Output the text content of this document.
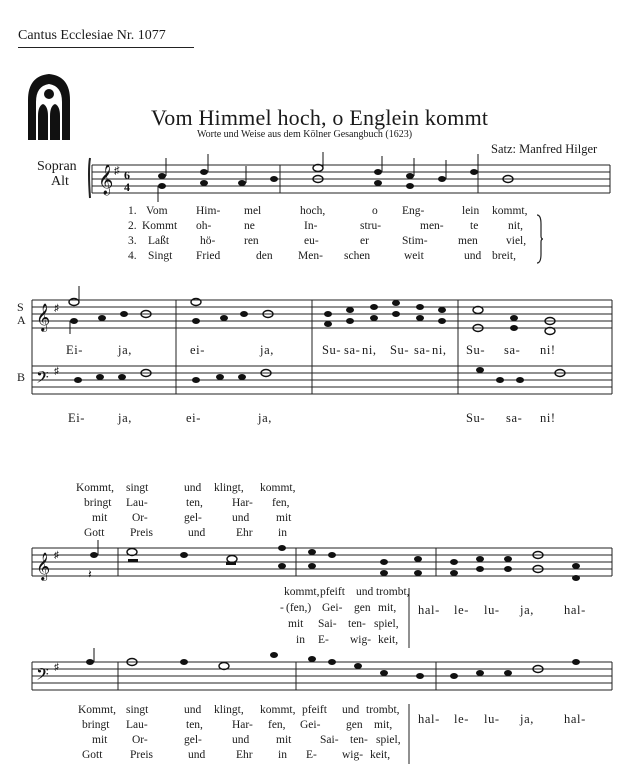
Cantus Ecclesiae Nr. 1077
Vom Himmel hoch, o Englein kommt
Worte und Weise aus dem Kölner Gesangbuch (1623)
Satz: Manfred Hilger
Sopran
Alt 𝄞 ♯ 6
4
1. Vom Him- mel	hoch,	o Eng-	lein kommt,
2. Kommt oh-	ne	In-	stru-	men- te	nit,
3. Laßt	hö- ren	eu-	er	Stim-	men viel,
4. Singt Fried	den Men- schen	weit	und breit,
S
A
B
𝄞 ♯
𝄢 ♯
Ei-	ja,	ei-	ja,	Su- sa- ni, Su- sa- ni, Su- sa- ni!
Ei-	ja,	ei-	ja,	Su- sa- ni!
Kommt, singt	und klingt, kommt,
bringt Lau-	ten,	Har- fen,
mit Or-	gel-	und mit
Gott Preis	und	Ehr in
𝄞 ♯
𝄽
kommt, pfeift und trombt,
- (fen,) Gei- gen mit,
mit Sai- ten- spiel,
in E- wig- keit,
hal- le- lu- ja, hal-
𝄢 ♯
Kommt, singt	und klingt, kommt, pfeift und trombt,
bringt Lau-	ten,	Har- fen, Gei- gen mit,
mit Or-	gel-	und mit Sai- ten- spiel,
Gott Preis	und	Ehr in E- wig- keit,
hal- le- lu- ja, hal-
